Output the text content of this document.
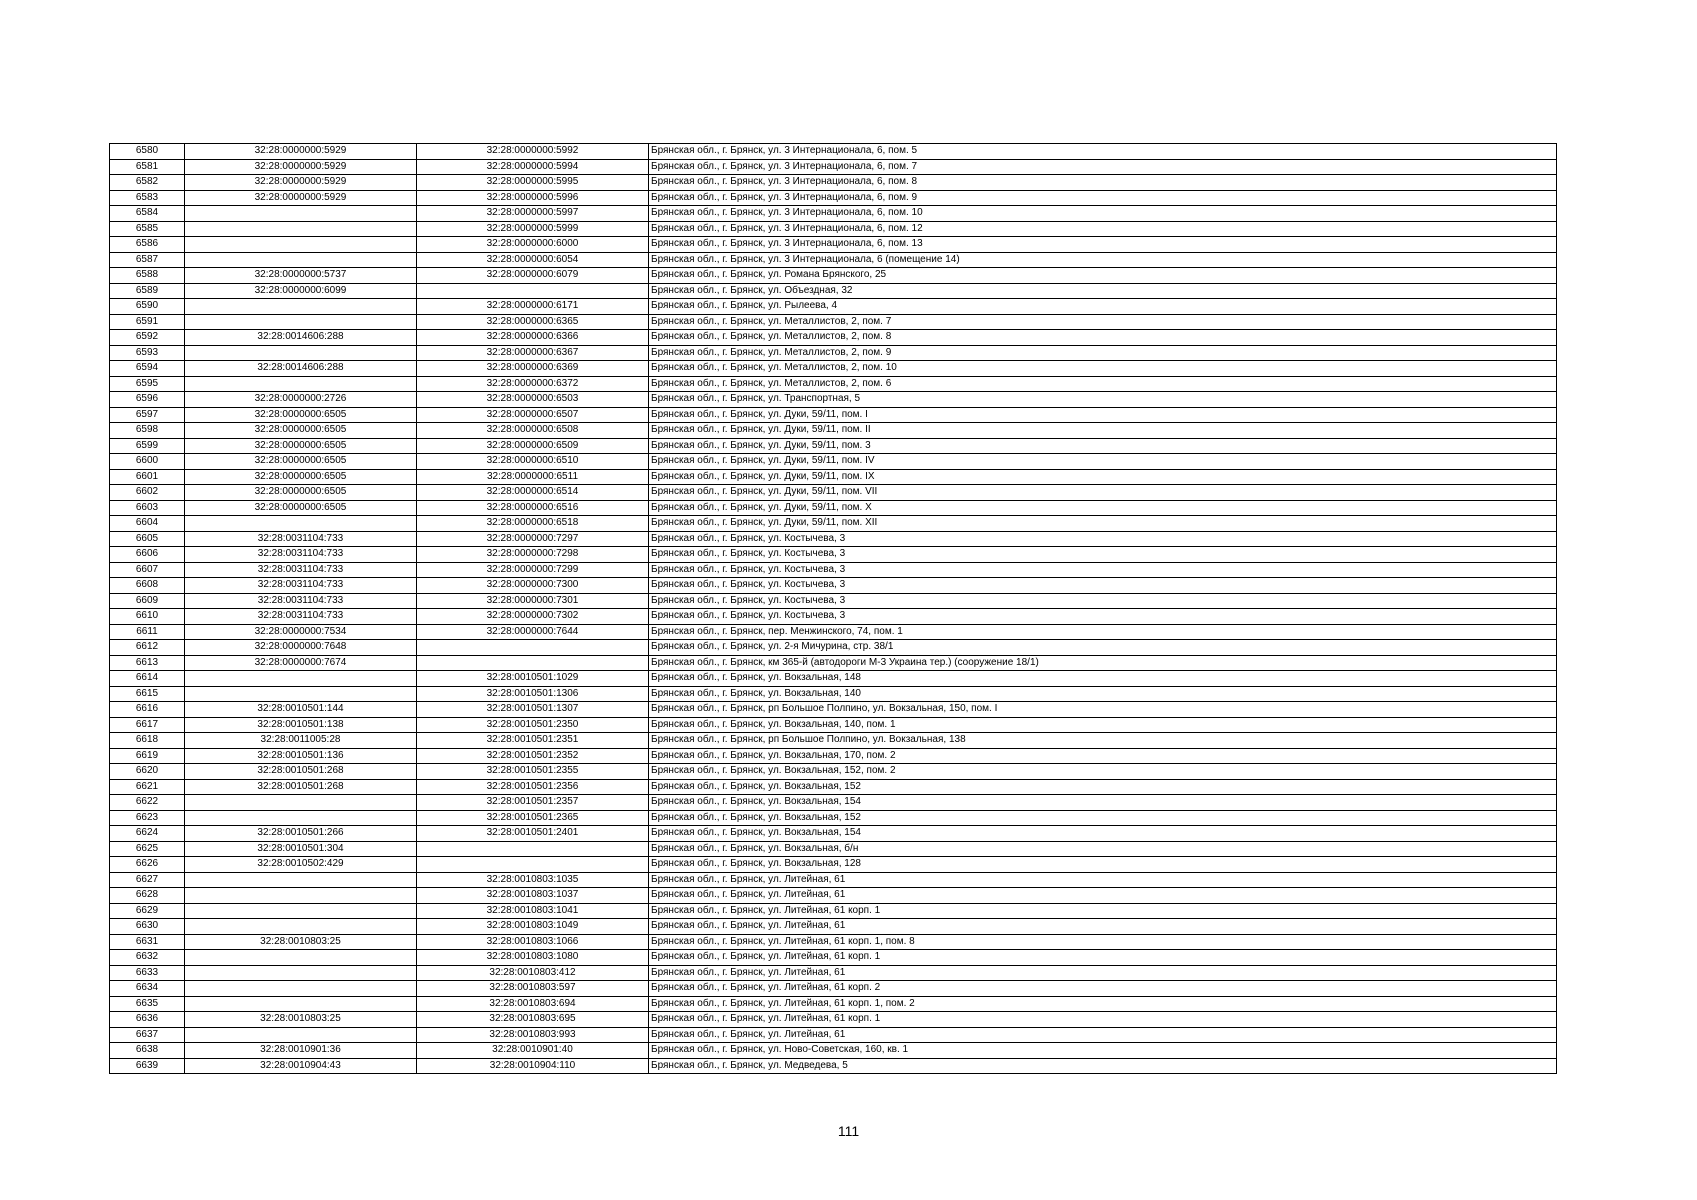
6580	32:28:0000000:5929	32:28:0000000:5992	Брянская обл., г. Брянск, ул. 3 Интернационала, 6, пом. 5
6581	32:28:0000000:5929	32:28:0000000:5994	Брянская обл., г. Брянск, ул. 3 Интернационала, 6, пом. 7
6582	32:28:0000000:5929	32:28:0000000:5995	Брянская обл., г. Брянск, ул. 3 Интернационала, 6, пом. 8
6583	32:28:0000000:5929	32:28:0000000:5996	Брянская обл., г. Брянск, ул. 3 Интернационала, 6, пом. 9
6584		32:28:0000000:5997	Брянская обл., г. Брянск, ул. 3 Интернационала, 6, пом. 10
6585		32:28:0000000:5999	Брянская обл., г. Брянск, ул. 3 Интернационала, 6, пом. 12
6586		32:28:0000000:6000	Брянская обл., г. Брянск, ул. 3 Интернационала, 6, пом. 13
6587		32:28:0000000:6054	Брянская обл., г. Брянск, ул. 3 Интернационала, 6 (помещение 14)
6588	32:28:0000000:5737	32:28:0000000:6079	Брянская обл., г. Брянск, ул. Романа Брянского, 25
6589	32:28:0000000:6099		Брянская обл., г. Брянск, ул. Объездная, 32
6590		32:28:0000000:6171	Брянская обл., г. Брянск, ул. Рылеева, 4
6591		32:28:0000000:6365	Брянская обл., г. Брянск, ул. Металлистов, 2, пом. 7
6592	32:28:0014606:288	32:28:0000000:6366	Брянская обл., г. Брянск, ул. Металлистов, 2, пом. 8
6593		32:28:0000000:6367	Брянская обл., г. Брянск, ул. Металлистов, 2, пом. 9
6594	32:28:0014606:288	32:28:0000000:6369	Брянская обл., г. Брянск, ул. Металлистов, 2, пом. 10
6595		32:28:0000000:6372	Брянская обл., г. Брянск, ул. Металлистов, 2, пом. 6
6596	32:28:0000000:2726	32:28:0000000:6503	Брянская обл., г. Брянск, ул. Транспортная, 5
6597	32:28:0000000:6505	32:28:0000000:6507	Брянская обл., г. Брянск, ул. Дуки, 59/11, пом. I
6598	32:28:0000000:6505	32:28:0000000:6508	Брянская обл., г. Брянск, ул. Дуки, 59/11, пом. II
6599	32:28:0000000:6505	32:28:0000000:6509	Брянская обл., г. Брянск, ул. Дуки, 59/11, пом. 3
6600	32:28:0000000:6505	32:28:0000000:6510	Брянская обл., г. Брянск, ул. Дуки, 59/11, пом. IV
6601	32:28:0000000:6505	32:28:0000000:6511	Брянская обл., г. Брянск, ул. Дуки, 59/11, пом. IX
6602	32:28:0000000:6505	32:28:0000000:6514	Брянская обл., г. Брянск, ул. Дуки, 59/11, пом. VII
6603	32:28:0000000:6505	32:28:0000000:6516	Брянская обл., г. Брянск, ул. Дуки, 59/11, пом. X
6604		32:28:0000000:6518	Брянская обл., г. Брянск, ул. Дуки, 59/11, пом. XII
6605	32:28:0031104:733	32:28:0000000:7297	Брянская обл., г. Брянск, ул. Костычева, 3
6606	32:28:0031104:733	32:28:0000000:7298	Брянская обл., г. Брянск, ул. Костычева, 3
6607	32:28:0031104:733	32:28:0000000:7299	Брянская обл., г. Брянск, ул. Костычева, 3
6608	32:28:0031104:733	32:28:0000000:7300	Брянская обл., г. Брянск, ул. Костычева, 3
6609	32:28:0031104:733	32:28:0000000:7301	Брянская обл., г. Брянск, ул. Костычева, 3
6610	32:28:0031104:733	32:28:0000000:7302	Брянская обл., г. Брянск, ул. Костычева, 3
6611	32:28:0000000:7534	32:28:0000000:7644	Брянская обл., г. Брянск, пер. Менжинского, 74, пом. 1
6612	32:28:0000000:7648		Брянская обл., г. Брянск, ул. 2-я Мичурина, стр. 38/1
6613	32:28:0000000:7674		Брянская обл., г. Брянск, км 365-й (автодороги М-3 Украина тер.) (сооружение 18/1)
6614		32:28:0010501:1029	Брянская обл., г. Брянск, ул. Вокзальная, 148
6615		32:28:0010501:1306	Брянская обл., г. Брянск, ул. Вокзальная, 140
6616	32:28:0010501:144	32:28:0010501:1307	Брянская обл., г. Брянск, рп Большое Полпино, ул. Вокзальная, 150, пом. I
6617	32:28:0010501:138	32:28:0010501:2350	Брянская обл., г. Брянск, ул. Вокзальная, 140, пом. 1
6618	32:28:0011005:28	32:28:0010501:2351	Брянская обл., г. Брянск, рп Большое Полпино, ул. Вокзальная, 138
6619	32:28:0010501:136	32:28:0010501:2352	Брянская обл., г. Брянск, ул. Вокзальная, 170, пом. 2
6620	32:28:0010501:268	32:28:0010501:2355	Брянская обл., г. Брянск, ул. Вокзальная, 152, пом. 2
6621	32:28:0010501:268	32:28:0010501:2356	Брянская обл., г. Брянск, ул. Вокзальная, 152
6622		32:28:0010501:2357	Брянская обл., г. Брянск, ул. Вокзальная, 154
6623		32:28:0010501:2365	Брянская обл., г. Брянск, ул. Вокзальная, 152
6624	32:28:0010501:266	32:28:0010501:2401	Брянская обл., г. Брянск, ул. Вокзальная, 154
6625	32:28:0010501:304		Брянская обл., г. Брянск, ул. Вокзальная, б/н
6626	32:28:0010502:429		Брянская обл., г. Брянск, ул. Вокзальная, 128
6627		32:28:0010803:1035	Брянская обл., г. Брянск, ул. Литейная, 61
6628		32:28:0010803:1037	Брянская обл., г. Брянск, ул. Литейная, 61
6629		32:28:0010803:1041	Брянская обл., г. Брянск, ул. Литейная, 61 корп. 1
6630		32:28:0010803:1049	Брянская обл., г. Брянск, ул. Литейная, 61
6631	32:28:0010803:25	32:28:0010803:1066	Брянская обл., г. Брянск, ул. Литейная, 61 корп. 1, пом. 8
6632		32:28:0010803:1080	Брянская обл., г. Брянск, ул. Литейная, 61 корп. 1
6633		32:28:0010803:412	Брянская обл., г. Брянск, ул. Литейная, 61
6634		32:28:0010803:597	Брянская обл., г. Брянск, ул. Литейная, 61 корп. 2
6635		32:28:0010803:694	Брянская обл., г. Брянск, ул. Литейная, 61 корп. 1, пом. 2
6636	32:28:0010803:25	32:28:0010803:695	Брянская обл., г. Брянск, ул. Литейная, 61 корп. 1
6637		32:28:0010803:993	Брянская обл., г. Брянск, ул. Литейная, 61
6638	32:28:0010901:36	32:28:0010901:40	Брянская обл., г. Брянск, ул. Ново-Советская, 160, кв. 1
6639	32:28:0010904:43	32:28:0010904:110	Брянская обл., г. Брянск, ул. Медведева, 5
111
